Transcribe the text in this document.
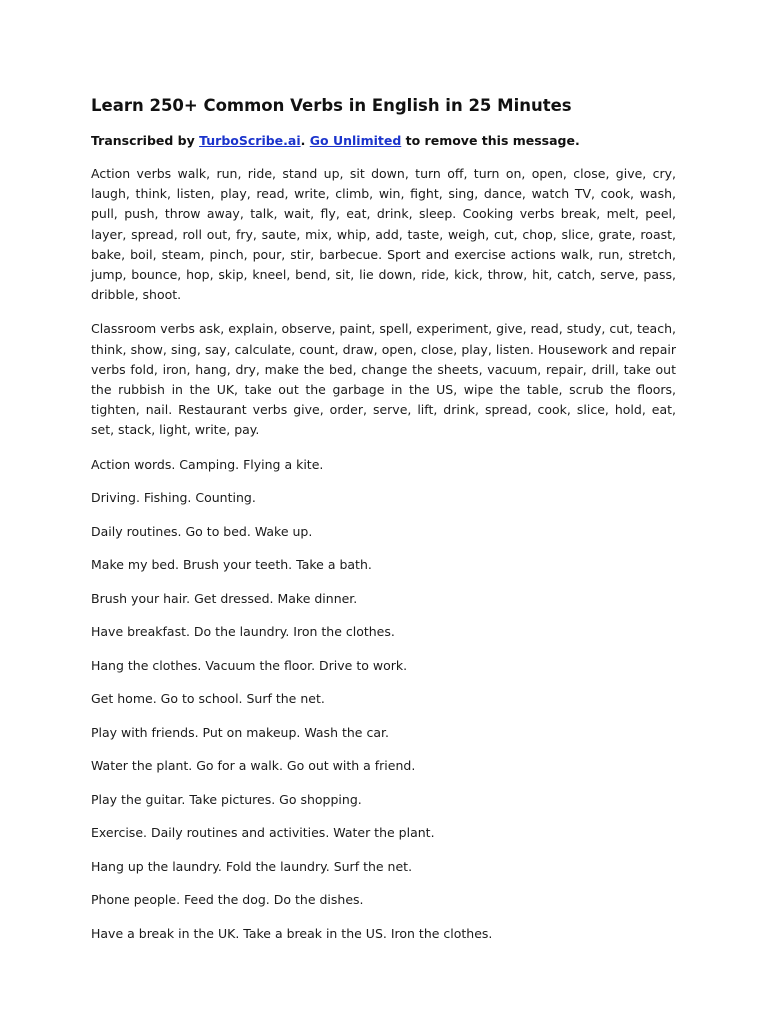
Learn 250+ Common Verbs in English in 25 Minutes

Transcribed by TurboScribe.ai. Go Unlimited to remove this message.

Action verbs walk, run, ride, stand up, sit down, turn off, turn on, open, close, give, cry, laugh, think, listen, play, read, write, climb, win, fight, sing, dance, watch TV, cook, wash, pull, push, throw away, talk, wait, fly, eat, drink, sleep. Cooking verbs break, melt, peel, layer, spread, roll out, fry, saute, mix, whip, add, taste, weigh, cut, chop, slice, grate, roast, bake, boil, steam, pinch, pour, stir, barbecue. Sport and exercise actions walk, run, stretch, jump, bounce, hop, skip, kneel, bend, sit, lie down, ride, kick, throw, hit, catch, serve, pass, dribble, shoot.

Classroom verbs ask, explain, observe, paint, spell, experiment, give, read, study, cut, teach, think, show, sing, say, calculate, count, draw, open, close, play, listen. Housework and repair verbs fold, iron, hang, dry, make the bed, change the sheets, vacuum, repair, drill, take out the rubbish in the UK, take out the garbage in the US, wipe the table, scrub the floors, tighten, nail. Restaurant verbs give, order, serve, lift, drink, spread, cook, slice, hold, eat, set, stack, light, write, pay.

Action words. Camping. Flying a kite.

Driving. Fishing. Counting.

Daily routines. Go to bed. Wake up.

Make my bed. Brush your teeth. Take a bath.

Brush your hair. Get dressed. Make dinner.

Have breakfast. Do the laundry. Iron the clothes.

Hang the clothes. Vacuum the floor. Drive to work.

Get home. Go to school. Surf the net.

Play with friends. Put on makeup. Wash the car.

Water the plant. Go for a walk. Go out with a friend.

Play the guitar. Take pictures. Go shopping.

Exercise. Daily routines and activities. Water the plant.

Hang up the laundry. Fold the laundry. Surf the net.

Phone people. Feed the dog. Do the dishes.

Have a break in the UK. Take a break in the US. Iron the clothes.
